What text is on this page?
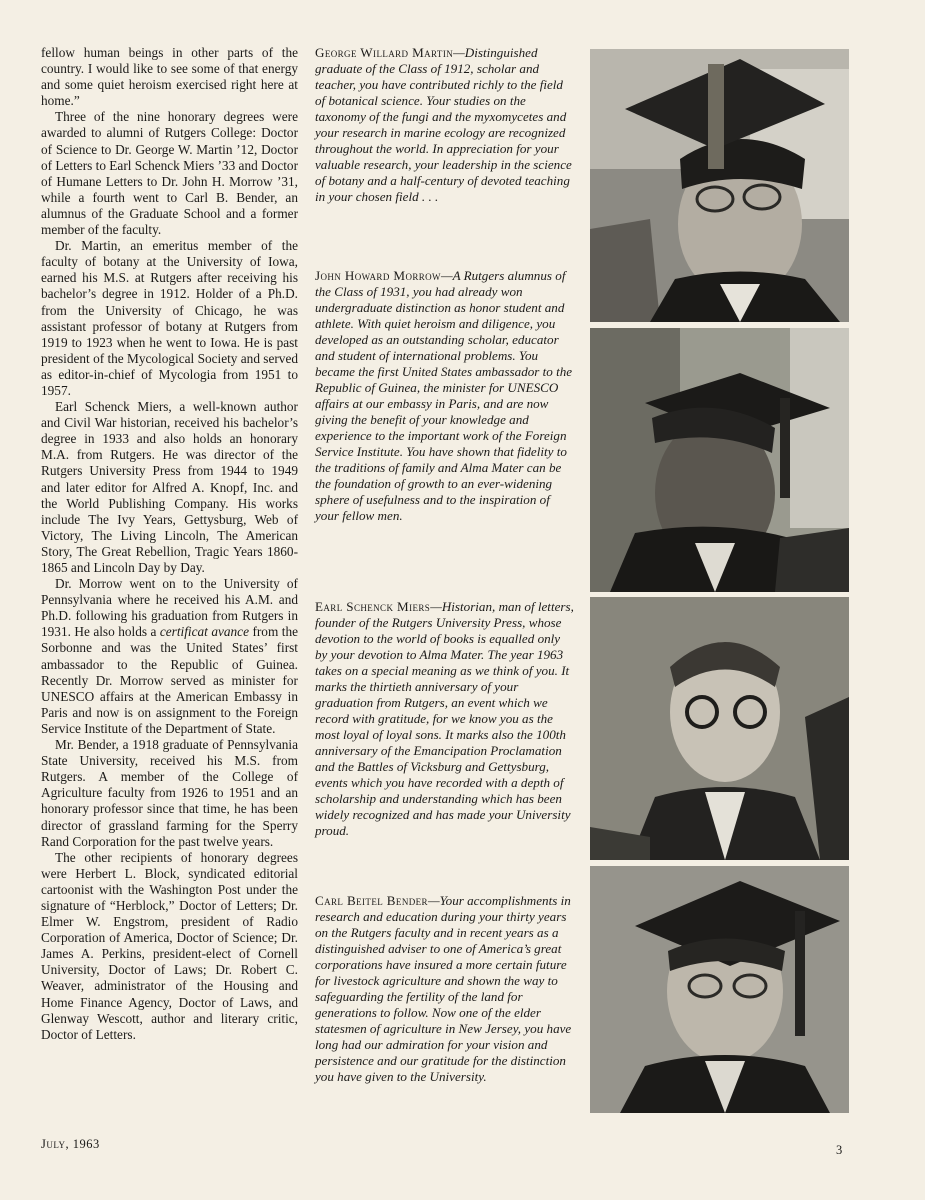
fellow human beings in other parts of the country. I would like to see some of that energy and some quiet heroism exercised right here at home.”

Three of the nine honorary degrees were awarded to alumni of Rutgers College: Doctor of Science to Dr. George W. Martin ’12, Doctor of Letters to Earl Schenck Miers ’33 and Doctor of Humane Letters to Dr. John H. Morrow ’31, while a fourth went to Carl B. Bender, an alumnus of the Graduate School and a former member of the faculty.

Dr. Martin, an emeritus member of the faculty of botany at the University of Iowa, earned his M.S. at Rutgers after receiving his bachelor’s degree in 1912. Holder of a Ph.D. from the University of Chicago, he was assistant professor of botany at Rutgers from 1919 to 1923 when he went to Iowa. He is past president of the Mycological Society and served as editor-in-chief of Mycologia from 1951 to 1957.

Earl Schenck Miers, a well-known author and Civil War historian, received his bachelor’s degree in 1933 and also holds an honorary M.A. from Rutgers. He was director of the Rutgers University Press from 1944 to 1949 and later editor for Alfred A. Knopf, Inc. and the World Publishing Company. His works include The Ivy Years, Gettysburg, Web of Victory, The Living Lincoln, The American Story, The Great Rebellion, Tragic Years 1860-1865 and Lincoln Day by Day.

Dr. Morrow went on to the University of Pennsylvania where he received his A.M. and Ph.D. following his graduation from Rutgers in 1931. He also holds a certificat avance from the Sorbonne and was the United States’ first ambassador to the Republic of Guinea. Recently Dr. Morrow served as minister for UNESCO affairs at the American Embassy in Paris and now is on assignment to the Foreign Service Institute of the Department of State.

Mr. Bender, a 1918 graduate of Pennsylvania State University, received his M.S. from Rutgers. A member of the College of Agriculture faculty from 1926 to 1951 and an honorary professor since that time, he has been director of grassland farming for the Sperry Rand Corporation for the past twelve years.

The other recipients of honorary degrees were Herbert L. Block, syndicated editorial cartoonist with the Washington Post under the signature of “Herblock,” Doctor of Letters; Dr. Elmer W. Engstrom, president of Radio Corporation of America, Doctor of Science; Dr. James A. Perkins, president-elect of Cornell University, Doctor of Laws; Dr. Robert C. Weaver, administrator of the Housing and Home Finance Agency, Doctor of Laws, and Glenway Wescott, author and literary critic, Doctor of Letters.

George Willard Martin—Distinguished graduate of the Class of 1912, scholar and teacher, you have contributed richly to the field of botanical science. Your studies on the taxonomy of the fungi and the myxomycetes and your research in marine ecology are recognized throughout the world. In appreciation for your valuable research, your leadership in the science of botany and a half-century of devoted teaching in your chosen field . . .
John Howard Morrow—A Rutgers alumnus of the Class of 1931, you had already won undergraduate distinction as honor student and athlete. With quiet heroism and diligence, you developed as an outstanding scholar, educator and student of international problems. You became the first United States ambassador to the Republic of Guinea, the minister for UNESCO affairs at our embassy in Paris, and are now giving the benefit of your knowledge and experience to the important work of the Foreign Service Institute. You have shown that fidelity to the traditions of family and Alma Mater can be the foundation of growth to an ever-widening sphere of usefulness and to the inspiration of your fellow men.
Earl Schenck Miers—Historian, man of letters, founder of the Rutgers University Press, whose devotion to the world of books is equalled only by your devotion to Alma Mater. The year 1963 takes on a special meaning as we think of you. It marks the thirtieth anniversary of your graduation from Rutgers, an event which we record with gratitude, for we know you as the most loyal of loyal sons. It marks also the 100th anniversary of the Emancipation Proclamation and the Battles of Vicksburg and Gettysburg, events which you have recorded with a depth of scholarship and understanding which has been widely recognized and has made your University proud.
Carl Beitel Bender—Your accomplishments in research and education during your thirty years on the Rutgers faculty and in recent years as a distinguished adviser to one of America’s great corporations have insured a more certain future for livestock agriculture and shown the way to safeguarding the fertility of the land for generations to follow. Now one of the elder statesmen of agriculture in New Jersey, you have long had our admiration for your vision and persistence and our gratitude for the distinction you have given to the University.
July, 1963	3
